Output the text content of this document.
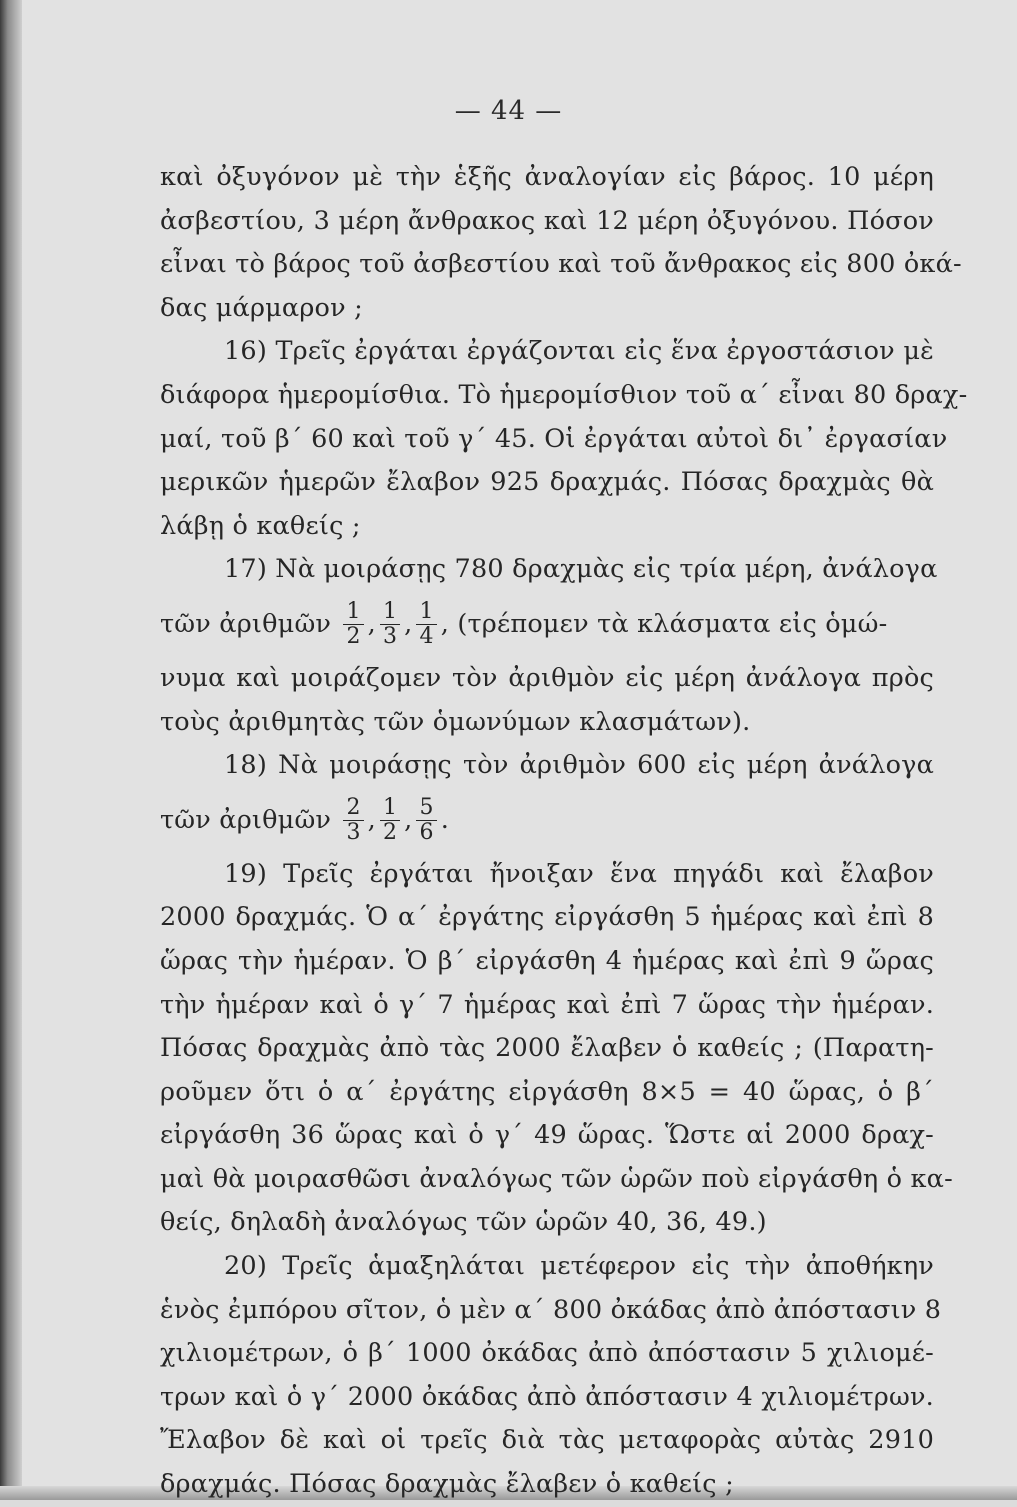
— 44 —
καὶ ὀξυγόνον μὲ τὴν ἑξῆς ἀναλογίαν εἰς βάρος. 10 μέρη
ἀσβεστίου, 3 μέρη ἄνθρακος καὶ 12 μέρη ὀξυγόνου. Πόσον
εἶναι τὸ βάρος τοῦ ἀσβεστίου καὶ τοῦ ἄνθρακος εἰς 800 ὀκά-
δας μάρμαρον ;
16) Τρεῖς ἐργάται ἐργάζονται εἰς ἕνα ἐργοστάσιον μὲ
διάφορα ἡμερομίσθια. Τὸ ἡμερομίσθιον τοῦ α΄ εἶναι 80 δραχ-
μαί, τοῦ β΄ 60 καὶ τοῦ γ΄ 45. Οἱ ἐργάται αὐτοὶ δι᾽ ἐργασίαν
μερικῶν ἡμερῶν ἔλαβον 925 δραχμάς. Πόσας δραχμὰς θὰ
λάβῃ ὁ καθείς ;
17) Νὰ μοιράσῃς 780 δραχμὰς εἰς τρία μέρη, ἀνάλογα
τῶν ἀριθμῶν $\frac{1}{2}$ , $\frac{1}{3}$ , $\frac{1}{4}$ , (τρέπομεν τὰ κλάσματα εἰς ὁμώ-
νυμα καὶ μοιράζομεν τὸν ἀριθμὸν εἰς μέρη ἀνάλογα πρὸς
τοὺς ἀριθμητὰς τῶν ὁμωνύμων κλασμάτων).
18) Νὰ μοιράσῃς τὸν ἀριθμὸν 600 εἰς μέρη ἀνάλογα
τῶν ἀριθμῶν $\frac{2}{3}$ , $\frac{1}{2}$ , $\frac{5}{6}$ .
19) Τρεῖς ἐργάται ἤνοιξαν ἕνα πηγάδι καὶ ἔλαβον
2000 δραχμάς. Ὁ α΄ ἐργάτης εἰργάσθη 5 ἡμέρας καὶ ἐπὶ 8
ὥρας τὴν ἡμέραν. Ὁ β΄ εἰργάσθη 4 ἡμέρας καὶ ἐπὶ 9 ὥρας
τὴν ἡμέραν καὶ ὁ γ΄ 7 ἡμέρας καὶ ἐπὶ 7 ὥρας τὴν ἡμέραν.
Πόσας δραχμὰς ἀπὸ τὰς 2000 ἔλαβεν ὁ καθείς ; (Παρατη-
ροῦμεν ὅτι ὁ α΄ ἐργάτης εἰργάσθη 8×5 = 40 ὥρας, ὁ β΄
εἰργάσθη 36 ὥρας καὶ ὁ γ΄ 49 ὥρας. Ὥστε αἱ 2000 δραχ-
μαὶ θὰ μοιρασθῶσι ἀναλόγως τῶν ὡρῶν ποὺ εἰργάσθη ὁ κα-
θείς, δηλαδὴ ἀναλόγως τῶν ὡρῶν 40, 36, 49.)
20) Τρεῖς ἁμαξηλάται μετέφερον εἰς τὴν ἀποθήκην
ἑνὸς ἐμπόρου σῖτον, ὁ μὲν α΄ 800 ὀκάδας ἀπὸ ἀπόστασιν 8
χιλιομέτρων, ὁ β΄ 1000 ὀκάδας ἀπὸ ἀπόστασιν 5 χιλιομέ-
τρων καὶ ὁ γ΄ 2000 ὀκάδας ἀπὸ ἀπόστασιν 4 χιλιομέτρων.
Ἔλαβον δὲ καὶ οἱ τρεῖς διὰ τὰς μεταφορὰς αὐτὰς 2910
δραχμάς. Πόσας δραχμὰς ἔλαβεν ὁ καθείς ;
